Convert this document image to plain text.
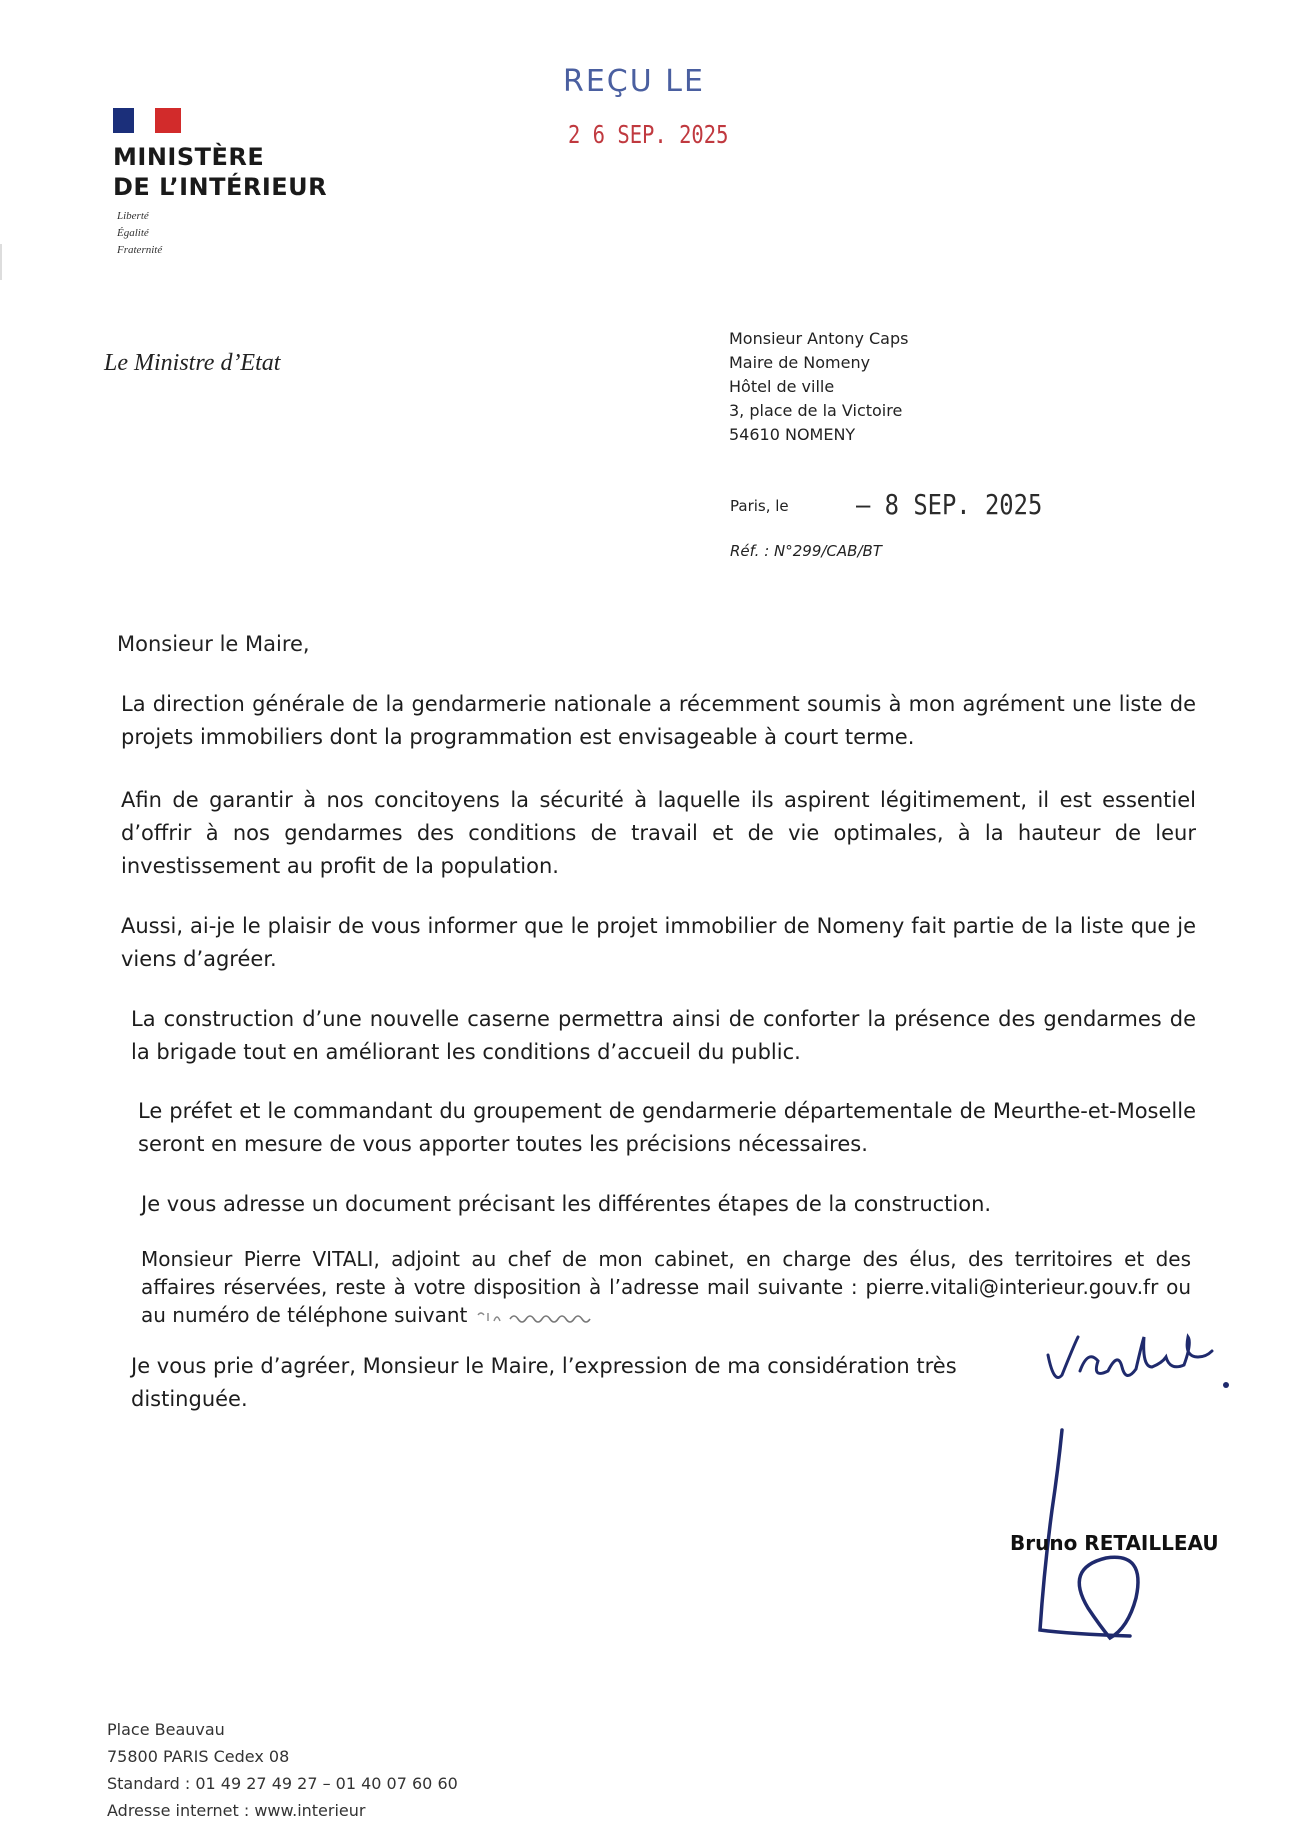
MINISTÈRE
DE L’INTÉRIEUR
Liberté
Égalité
Fraternité
REÇU LE
2 6 SEP. 2025
Le Ministre d’Etat
Monsieur Antony Caps
Maire de Nomeny
Hôtel de ville
3, place de la Victoire
54610 NOMENY
Paris, le – 8 SEP. 2025
Réf. : N°299/CAB/BT
Monsieur le Maire,
La direction générale de la gendarmerie nationale a récemment soumis à mon agrément une liste de projets immobiliers dont la programmation est envisageable à court terme.
Afin de garantir à nos concitoyens la sécurité à laquelle ils aspirent légitimement, il est essentiel d’offrir à nos gendarmes des conditions de travail et de vie optimales, à la hauteur de leur investissement au profit de la population.
Aussi, ai-je le plaisir de vous informer que le projet immobilier de Nomeny fait partie de la liste que je viens d’agréer.
La construction d’une nouvelle caserne permettra ainsi de conforter la présence des gendarmes de la brigade tout en améliorant les conditions d’accueil du public.
Le préfet et le commandant du groupement de gendarmerie départementale de Meurthe-et-Moselle seront en mesure de vous apporter toutes les précisions nécessaires.
Je vous adresse un document précisant les différentes étapes de la construction.
Monsieur Pierre VITALI, adjoint au chef de mon cabinet, en charge des élus, des territoires et des affaires réservées, reste à votre disposition à l’adresse mail suivante : pierre.vitali@interieur.gouv.fr ou au numéro de téléphone suivant
Je vous prie d’agréer, Monsieur le Maire, l’expression de ma considération très distinguée.
Bruno RETAILLEAU
Place Beauvau
75800 PARIS Cedex 08
Standard : 01 49 27 49 27 – 01 40 07 60 60
Adresse internet : www.interieur
